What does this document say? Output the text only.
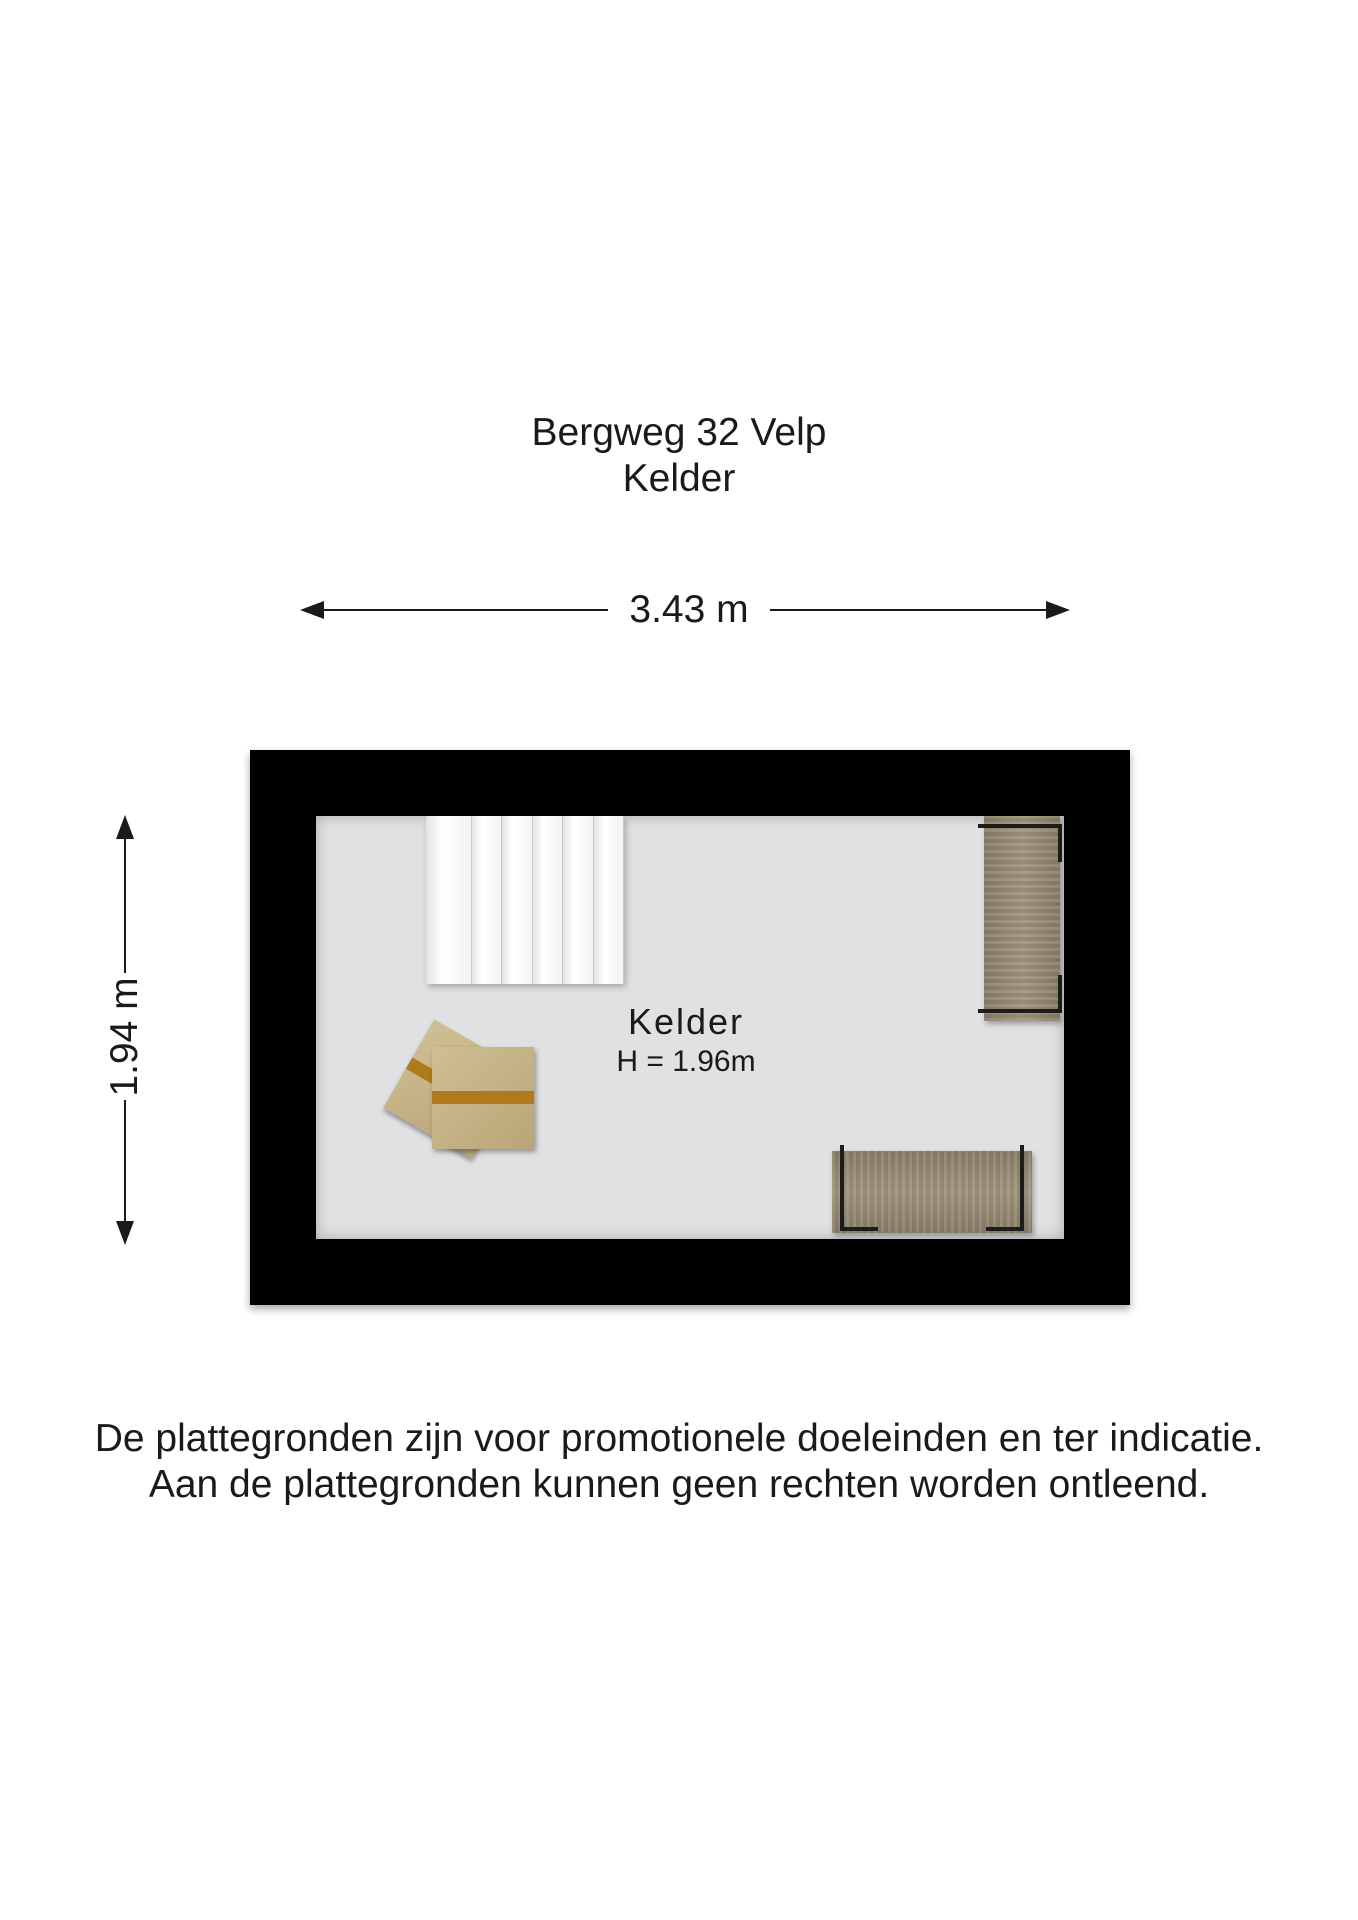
Bergweg 32 Velp
Kelder
3.43 m
1.94 m	Kelder
H = 1.96m
De plattegronden zijn voor promotionele doeleinden en ter indicatie.
Aan de plattegronden kunnen geen rechten worden ontleend.
